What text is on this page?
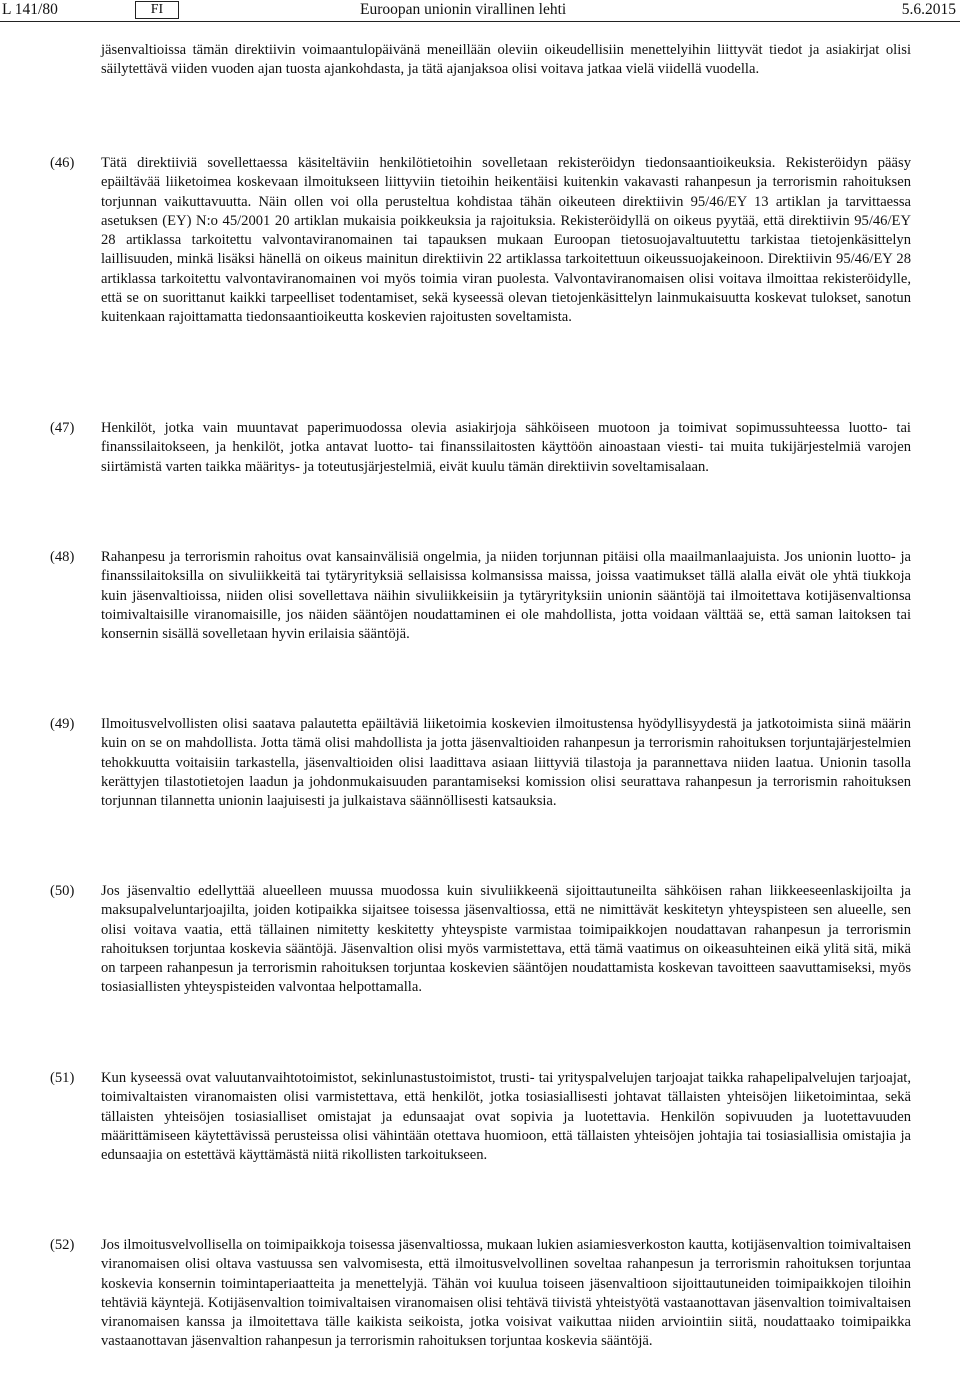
L 141/80	FI	Euroopan unionin virallinen lehti	5.6.2015
jäsenvaltioissa tämän direktiivin voimaantulopäivänä meneillään oleviin oikeudellisiin menettelyihin liittyvät tiedot ja asiakirjat olisi säilytettävä viiden vuoden ajan tuosta ajankohdasta, ja tätä ajanjaksoa olisi voitava jatkaa vielä viidellä vuodella.
(46)	Tätä direktiiviä sovellettaessa käsiteltäviin henkilötietoihin sovelletaan rekisteröidyn tiedonsaantioikeuksia. Rekisteröidyn pääsy epäiltävää liiketoimea koskevaan ilmoitukseen liittyviin tietoihin heikentäisi kuitenkin vakavasti rahanpesun ja terrorismin rahoituksen torjunnan vaikuttavuutta. Näin ollen voi olla perusteltua kohdistaa tähän oikeuteen direktiivin 95/46/EY 13 artiklan ja tarvittaessa asetuksen (EY) N:o 45/2001 20 artiklan mukaisia poikkeuksia ja rajoituksia. Rekisteröidyllä on oikeus pyytää, että direktiivin 95/46/EY 28 artiklassa tarkoitettu valvontaviranomainen tai tapauksen mukaan Euroopan tietosuojavaltuutettu tarkistaa tietojenkäsittelyn laillisuuden, minkä lisäksi hänellä on oikeus mainitun direktiivin 22 artiklassa tarkoitettuun oikeussuojakeinoon. Direktiivin 95/46/EY 28 artiklassa tarkoitettu valvontaviranomainen voi myös toimia viran puolesta. Valvontaviranomaisen olisi voitava ilmoittaa rekisteröidylle, että se on suorittanut kaikki tarpeelliset todentamiset, sekä kyseessä olevan tietojenkäsittelyn lainmukaisuutta koskevat tulokset, sanotun kuitenkaan rajoittamatta tiedonsaantioikeutta koskevien rajoitusten soveltamista.

(47)	Henkilöt, jotka vain muuntavat paperimuodossa olevia asiakirjoja sähköiseen muotoon ja toimivat sopimussuhteessa luotto- tai finanssilaitokseen, ja henkilöt, jotka antavat luotto- tai finanssilaitosten käyttöön ainoastaan viesti- tai muita tukijärjestelmiä varojen siirtämistä varten taikka määritys- ja toteutusjärjestelmiä, eivät kuulu tämän direktiivin soveltamisalaan.

(48)	Rahanpesu ja terrorismin rahoitus ovat kansainvälisiä ongelmia, ja niiden torjunnan pitäisi olla maailmanlaajuista. Jos unionin luotto- ja finanssilaitoksilla on sivuliikkeitä tai tytäryrityksiä sellaisissa kolmansissa maissa, joissa vaatimukset tällä alalla eivät ole yhtä tiukkoja kuin jäsenvaltioissa, niiden olisi sovellettava näihin sivuliikkeisiin ja tytäryrityksiin unionin sääntöjä tai ilmoitettava kotijäsenvaltionsa toimivaltaisille viranomaisille, jos näiden sääntöjen noudattaminen ei ole mahdollista, jotta voidaan välttää se, että saman laitoksen tai konsernin sisällä sovelletaan hyvin erilaisia sääntöjä.

(49)	Ilmoitusvelvollisten olisi saatava palautetta epäiltäviä liiketoimia koskevien ilmoitustensa hyödyllisyydestä ja jatkotoimista siinä määrin kuin on se on mahdollista. Jotta tämä olisi mahdollista ja jotta jäsenvaltioiden rahanpesun ja terrorismin rahoituksen torjuntajärjestelmien tehokkuutta voitaisiin tarkastella, jäsenvaltioiden olisi laadittava asiaan liittyviä tilastoja ja parannettava niiden laatua. Unionin tasolla kerättyjen tilastotietojen laadun ja johdonmukaisuuden parantamiseksi komission olisi seurattava rahanpesun ja terrorismin rahoituksen torjunnan tilannetta unionin laajuisesti ja julkaistava säännöllisesti katsauksia.

(50)	Jos jäsenvaltio edellyttää alueelleen muussa muodossa kuin sivuliikkeenä sijoittautuneilta sähköisen rahan liikkeeseenlaskijoilta ja maksupalveluntarjoajilta, joiden kotipaikka sijaitsee toisessa jäsenvaltiossa, että ne nimittävät keskitetyn yhteyspisteen sen alueelle, sen olisi voitava vaatia, että tällainen nimitetty keskitetty yhteyspiste varmistaa toimipaikkojen noudattavan rahanpesun ja terrorismin rahoituksen torjuntaa koskevia sääntöjä. Jäsenvaltion olisi myös varmistettava, että tämä vaatimus on oikeasuhteinen eikä ylitä sitä, mikä on tarpeen rahanpesun ja terrorismin rahoituksen torjuntaa koskevien sääntöjen noudattamista koskevan tavoitteen saavuttamiseksi, myös tosiasiallisten yhteyspisteiden valvontaa helpottamalla.

(51)	Kun kyseessä ovat valuutanvaihtotoimistot, sekinlunastustoimistot, trusti- tai yrityspalvelujen tarjoajat taikka rahapelipalvelujen tarjoajat, toimivaltaisten viranomaisten olisi varmistettava, että henkilöt, jotka tosiasiallisesti johtavat tällaisten yhteisöjen liiketoimintaa, sekä tällaisten yhteisöjen tosiasialliset omistajat ja edunsaajat ovat sopivia ja luotettavia. Henkilön sopivuuden ja luotettavuuden määrittämiseen käytettävissä perusteissa olisi vähintään otettava huomioon, että tällaisten yhteisöjen johtajia tai tosiasiallisia omistajia ja edunsaajia on estettävä käyttämästä niitä rikollisten tarkoitukseen.

(52)	Jos ilmoitusvelvollisella on toimipaikkoja toisessa jäsenvaltiossa, mukaan lukien asiamiesverkoston kautta, kotijäsenvaltion toimivaltaisen viranomaisen olisi oltava vastuussa sen valvomisesta, että ilmoitusvelvollinen soveltaa rahanpesun ja terrorismin rahoituksen torjuntaa koskevia konsernin toimintaperiaatteita ja menettelyjä. Tähän voi kuulua toiseen jäsenvaltioon sijoittautuneiden toimipaikkojen tiloihin tehtäviä käyntejä. Kotijäsenvaltion toimivaltaisen viranomaisen olisi tehtävä tiivistä yhteistyötä vastaanottavan jäsenvaltion toimivaltaisen viranomaisen kanssa ja ilmoitettava tälle kaikista seikoista, jotka voisivat vaikuttaa niiden arviointiin siitä, noudattaako toimipaikka vastaanottavan jäsenvaltion rahanpesun ja terrorismin rahoituksen torjuntaa koskevia sääntöjä.
